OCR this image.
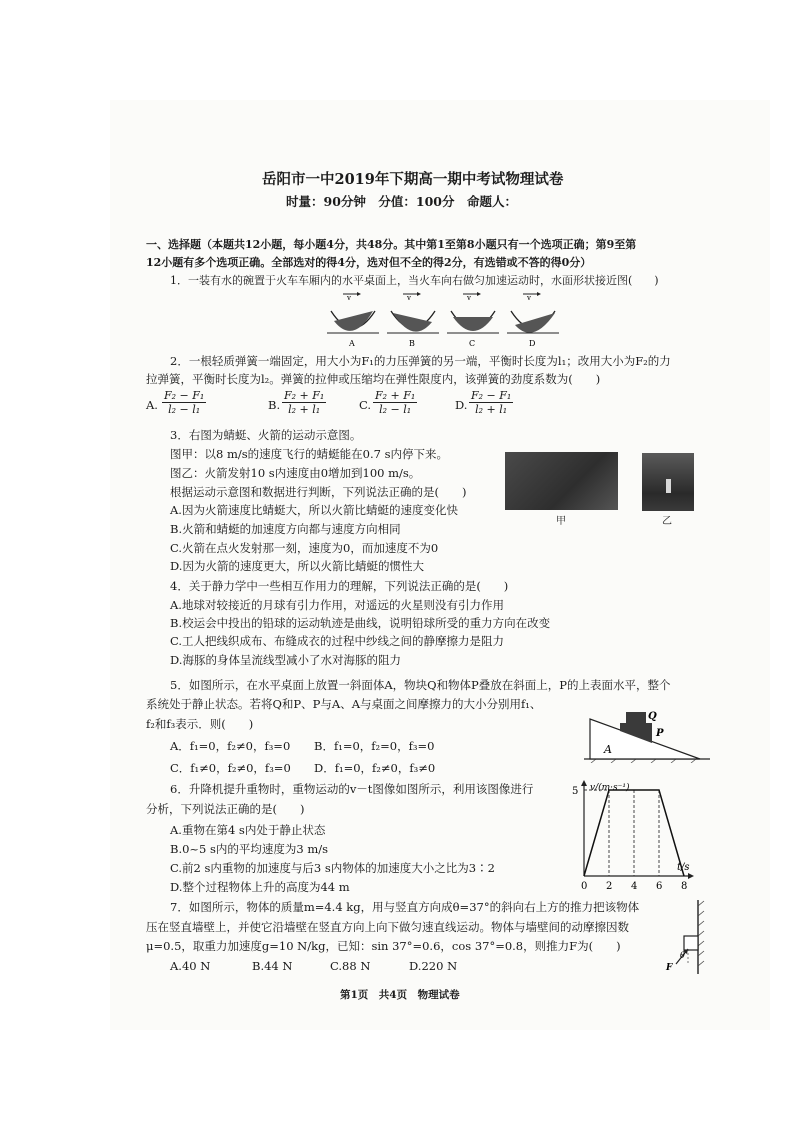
岳阳市一中2019年下期高一期中考试物理试卷
时量：90分钟　分值：100分　命题人：
一、选择题（本题共12小题，每小题4分，共48分。其中第1至第8小题只有一个选项正确；第9至第
12小题有多个选项正确。全部选对的得4分，选对但不全的得2分，有选错或不答的得0分）
1．一装有水的碗置于火车车厢内的水平桌面上，当火车向右做匀加速运动时，水面形状接近图(　　)
v
A
v
B
v
C
v
D
2．一根轻质弹簧一端固定，用大小为F₁的力压弹簧的另一端，平衡时长度为l₁；改用大小为F₂的力
拉弹簧，平衡时长度为l₂。弹簧的拉伸或压缩均在弹性限度内，该弹簧的劲度系数为(　　)
A. $\frac{\text{F₂ − F₁}}{\text{l₂ − l₁}}$	B. $\frac{\text{F₂ + F₁}}{\text{l₂ + l₁}}$	C. $\frac{\text{F₂ + F₁}}{\text{l₂ − l₁}}$	D. $\frac{\text{F₂ − F₁}}{\text{l₂ + l₁}}$
3．右图为蜻蜓、火箭的运动示意图。
图甲：以8 m/s的速度飞行的蜻蜓能在0.7 s内停下来。
图乙：火箭发射10 s内速度由0增加到100 m/s。
根据运动示意图和数据进行判断，下列说法正确的是(　　)
A.因为火箭速度比蜻蜓大，所以火箭比蜻蜓的速度变化快
B.火箭和蜻蜓的加速度方向都与速度方向相同
C.火箭在点火发射那一刻，速度为0，而加速度不为0
D.因为火箭的速度更大，所以火箭比蜻蜓的惯性大
甲	乙
4．关于静力学中一些相互作用力的理解，下列说法正确的是(　　)
A.地球对较接近的月球有引力作用，对遥远的火星则没有引力作用
B.校运会中投出的铅球的运动轨迹是曲线，说明铅球所受的重力方向在改变
C.工人把线织成布、布缝成衣的过程中纱线之间的静摩擦力是阻力
D.海豚的身体呈流线型减小了水对海豚的阻力
5．如图所示，在水平桌面上放置一斜面体A，物块Q和物体P叠放在斜面上，P的上表面水平，整个
系统处于静止状态。若将Q和P、P与A、A与桌面之间摩擦力的大小分别用f₁、
f₂和f₃表示．则(　　)
A．f₁=0，f₂≠0，f₃=0 B．f₁=0，f₂=0，f₃=0
C．f₁≠0，f₂≠0，f₃=0 D．f₁=0，f₂≠0，f₃≠0
Q
P
A
6．升降机提升重物时，重物运动的v－t图像如图所示，利用该图像进行
分析，下列说法正确的是(　　)
A.重物在第4 s内处于静止状态
B.0~5 s内的平均速度为3 m/s
C.前2 s内重物的加速度与后3 s内物体的加速度大小之比为3∶2
D.整个过程物体上升的高度为44 m
v/(m·s⁻¹)
t/s
0 2 4 6 8
5
7．如图所示，物体的质量m=4.4 kg，用与竖直方向成θ=37°的斜向右上方的推力把该物体
压在竖直墙壁上，并使它沿墙壁在竖直方向上向下做匀速直线运动。物体与墙壁间的动摩擦因数
μ=0.5，取重力加速度g=10 N/kg，已知：sin 37°=0.6，cos 37°=0.8，则推力F为(　　)
A.40 N	B.44 N	C.88 N	D.220 N
θ
F
第1页　共4页　物理试卷
